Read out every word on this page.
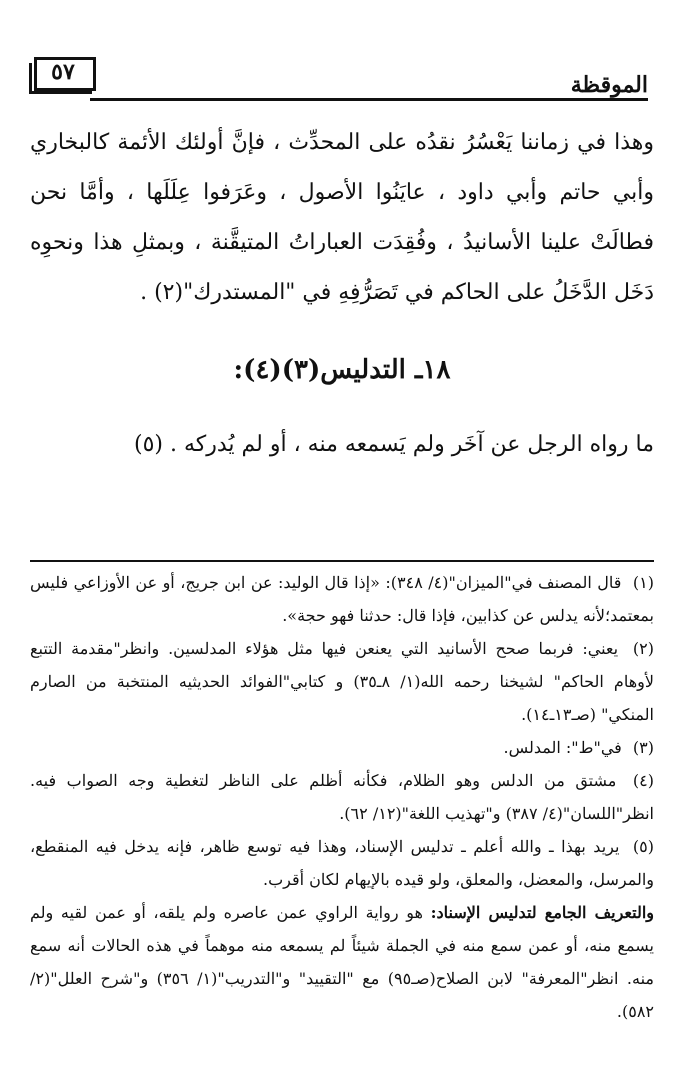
الموقظة
٥٧

وهذا في زماننا يَعْسُرُ نقدُه على المحدِّث ، فإنَّ أولئك الأئمة كالبخاري وأبي حاتم وأبي داود ، عايَنُوا الأصول ، وعَرَفوا عِلَلَها ، وأمَّا نحن فطالَتْ علينا الأسانيدُ ، وفُقِدَت العباراتُ المتيقَّنة ، وبمثلِ هذا ونحوِه دَخَل الدَّخَلُ على الحاكم في تَصَرُّفِهِ في "المستدرك"(٢) .

١٨ـ التدليس(٣)(٤):
ما رواه الرجل عن آخَر ولم يَسمعه منه ، أو لم يُدركه . (٥)

(١) قال المصنف في"الميزان"(٤/ ٣٤٨): «إذا قال الوليد: عن ابن جريج، أو عن الأوزاعي فليس بمعتمد؛لأنه يدلس عن كذابين، فإذا قال: حدثنا فهو حجة».

(٢) يعني: فربما صحح الأسانيد التي يعنعن فيها مثل هؤلاء المدلسين. وانظر"مقدمة التتبع لأوهام الحاكم" لشيخنا رحمه الله(١/ ٨ـ٣٥) و كتابي"الفوائد الحديثيه المنتخبة من الصارم المنكي" (صـ١٣ـ١٤).

(٣) في"ط": المدلس.

(٤) مشتق من الدلس وهو الظلام، فكأنه أظلم على الناظر لتغطية وجه الصواب فيه. انظر"اللسان"(٤/ ٣٨٧) و"تهذيب اللغة"(١٢/ ٦٢).

(٥) يريد بهذا ـ والله أعلم ـ تدليس الإسناد، وهذا فيه توسع ظاهر، فإنه يدخل فيه المنقطع، والمرسل، والمعضل، والمعلق، ولو قيده بالإيهام لكان أقرب.

والتعريف الجامع لتدليس الإسناد: هو رواية الراوي عمن عاصره ولم يلقه، أو عمن لقيه ولم يسمع منه، أو عمن سمع منه في الجملة شيئاً لم يسمعه منه موهماً في هذه الحالات أنه سمع منه. انظر"المعرفة" لابن الصلاح(صـ٩٥) مع "التقييد" و"التدريب"(١/ ٣٥٦) و"شرح العلل"(٢/ ٥٨٢).
